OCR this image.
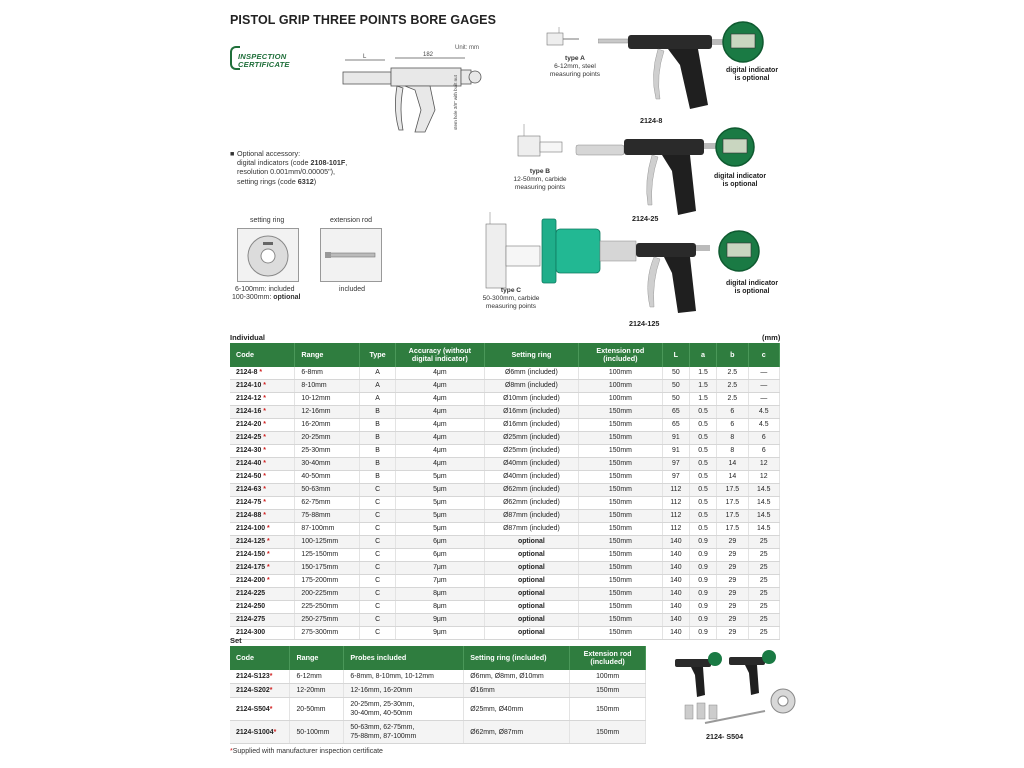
PISTOL GRIP THREE POINTS BORE GAGES
INSPECTION
CERTIFICATE
Unit: mm
L	182
stem hole 3/8" with built nut
■ Optional accessory:
digital indicators (code 2108-101F,
resolution 0.001mm/0.00005"),
setting rings (code 6312)
setting ring	extension rod
6-100mm: included
100-300mm: optional
included
type A
6-12mm, steel
measuring points
digital indicator
is optional
2124-8
type B
12-50mm, carbide
measuring points
digital indicator
is optional
2124-25
type C
50-300mm, carbide
measuring points
digital indicator
is optional
2124-125
Individual	(mm)
Code	Range	Type	Accuracy (without digital indicator)	Setting ring	Extension rod (included)	L	a	b	c
2124-8 *	6-8mm	A	4μm	Ø6mm (included)	100mm	50	1.5	2.5	—
2124-10 *	8-10mm	A	4μm	Ø8mm (included)	100mm	50	1.5	2.5	—
2124-12 *	10-12mm	A	4μm	Ø10mm (included)	100mm	50	1.5	2.5	—
2124-16 *	12-16mm	B	4μm	Ø16mm (included)	150mm	65	0.5	6	4.5
2124-20 *	16-20mm	B	4μm	Ø16mm (included)	150mm	65	0.5	6	4.5
2124-25 *	20-25mm	B	4μm	Ø25mm (included)	150mm	91	0.5	8	6
2124-30 *	25-30mm	B	4μm	Ø25mm (included)	150mm	91	0.5	8	6
2124-40 *	30-40mm	B	4μm	Ø40mm (included)	150mm	97	0.5	14	12
2124-50 *	40-50mm	B	5μm	Ø40mm (included)	150mm	97	0.5	14	12
2124-63 *	50-63mm	C	5μm	Ø62mm (included)	150mm	112	0.5	17.5	14.5
2124-75 *	62-75mm	C	5μm	Ø62mm (included)	150mm	112	0.5	17.5	14.5
2124-88 *	75-88mm	C	5μm	Ø87mm (included)	150mm	112	0.5	17.5	14.5
2124-100 *	87-100mm	C	5μm	Ø87mm (included)	150mm	112	0.5	17.5	14.5
2124-125 *	100-125mm	C	6μm	optional	150mm	140	0.9	29	25
2124-150 *	125-150mm	C	6μm	optional	150mm	140	0.9	29	25
2124-175 *	150-175mm	C	7μm	optional	150mm	140	0.9	29	25
2124-200 *	175-200mm	C	7μm	optional	150mm	140	0.9	29	25
2124-225	200-225mm	C	8μm	optional	150mm	140	0.9	29	25
2124-250	225-250mm	C	8μm	optional	150mm	140	0.9	29	25
2124-275	250-275mm	C	9μm	optional	150mm	140	0.9	29	25
2124-300	275-300mm	C	9μm	optional	150mm	140	0.9	29	25
Set
Code	Range	Probes included	Setting ring (included)	Extension rod (included)
2124-S123*	6-12mm	6-8mm, 8-10mm, 10-12mm	Ø6mm, Ø8mm, Ø10mm	100mm
2124-S202*	12-20mm	12-16mm, 16-20mm	Ø16mm	150mm
2124-S504*	20-50mm	20-25mm, 25-30mm,
30-40mm, 40-50mm	Ø25mm, Ø40mm	150mm
2124-S1004*	50-100mm	50-63mm, 62-75mm,
75-88mm, 87-100mm	Ø62mm, Ø87mm	150mm	2124- S504
*Supplied with manufacturer inspection certificate
